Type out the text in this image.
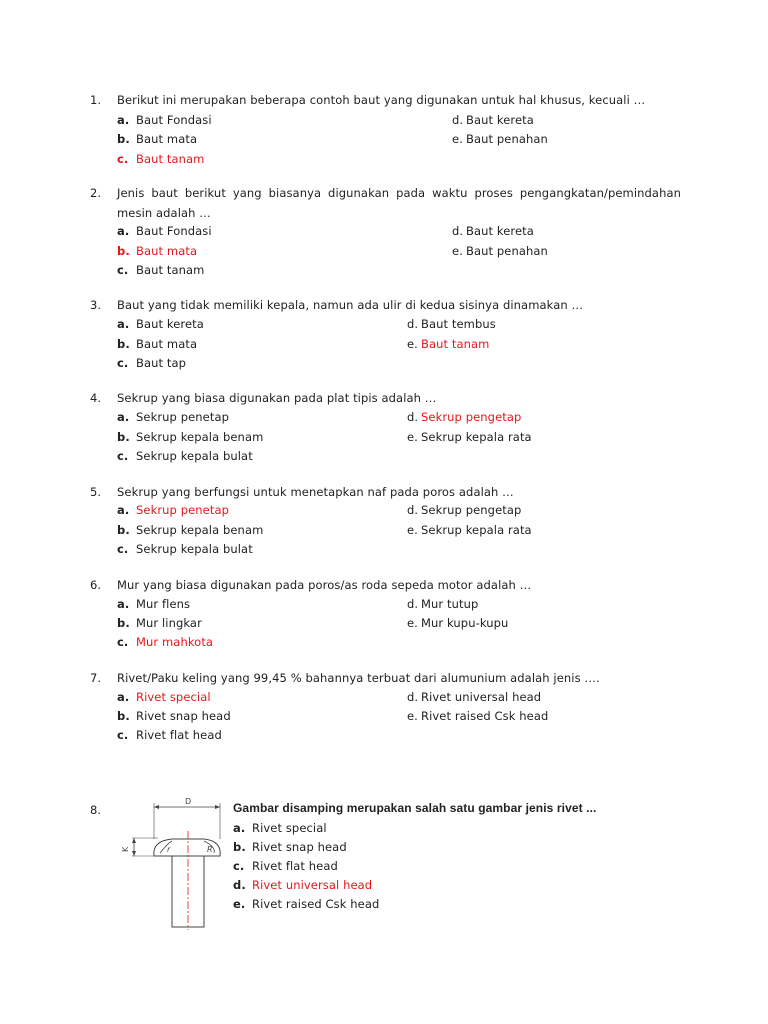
1. Berikut ini merupakan beberapa contoh baut yang digunakan untuk hal khusus, kecuali …
a. Baut Fondasi
b. Baut mata
c. Baut tanam
d. Baut kereta
e. Baut penahan
2. Jenis baut berikut yang biasanya digunakan pada waktu proses pengangkatan/pemindahan mesin adalah …
a. Baut Fondasi
b. Baut mata
c. Baut tanam
d. Baut kereta
e. Baut penahan
3. Baut yang tidak memiliki kepala, namun ada ulir di kedua sisinya dinamakan …
a. Baut kereta
b. Baut mata
c. Baut tap
d. Baut tembus
e. Baut tanam
4. Sekrup yang biasa digunakan pada plat tipis adalah …
a. Sekrup penetap
b. Sekrup kepala benam
c. Sekrup kepala bulat
d. Sekrup pengetap
e. Sekrup kepala rata
5. Sekrup yang berfungsi untuk menetapkan naf pada poros adalah …
a. Sekrup penetap
b. Sekrup kepala benam
c. Sekrup kepala bulat
d. Sekrup pengetap
e. Sekrup kepala rata
6. Mur yang biasa digunakan pada poros/as roda sepeda motor adalah …
a. Mur flens
b. Mur lingkar
c. Mur mahkota
d. Mur tutup
e. Mur kupu-kupu
7. Rivet/Paku keling yang 99,45 % bahannya terbuat dari alumunium adalah jenis ….
a. Rivet special
b. Rivet snap head
c. Rivet flat head
d. Rivet universal head
e. Rivet raised Csk head
8.
D
K	r	R
Gambar disamping merupakan salah satu gambar jenis rivet ...
a. Rivet special
b. Rivet snap head
c. Rivet flat head
d. Rivet universal head
e. Rivet raised Csk head
